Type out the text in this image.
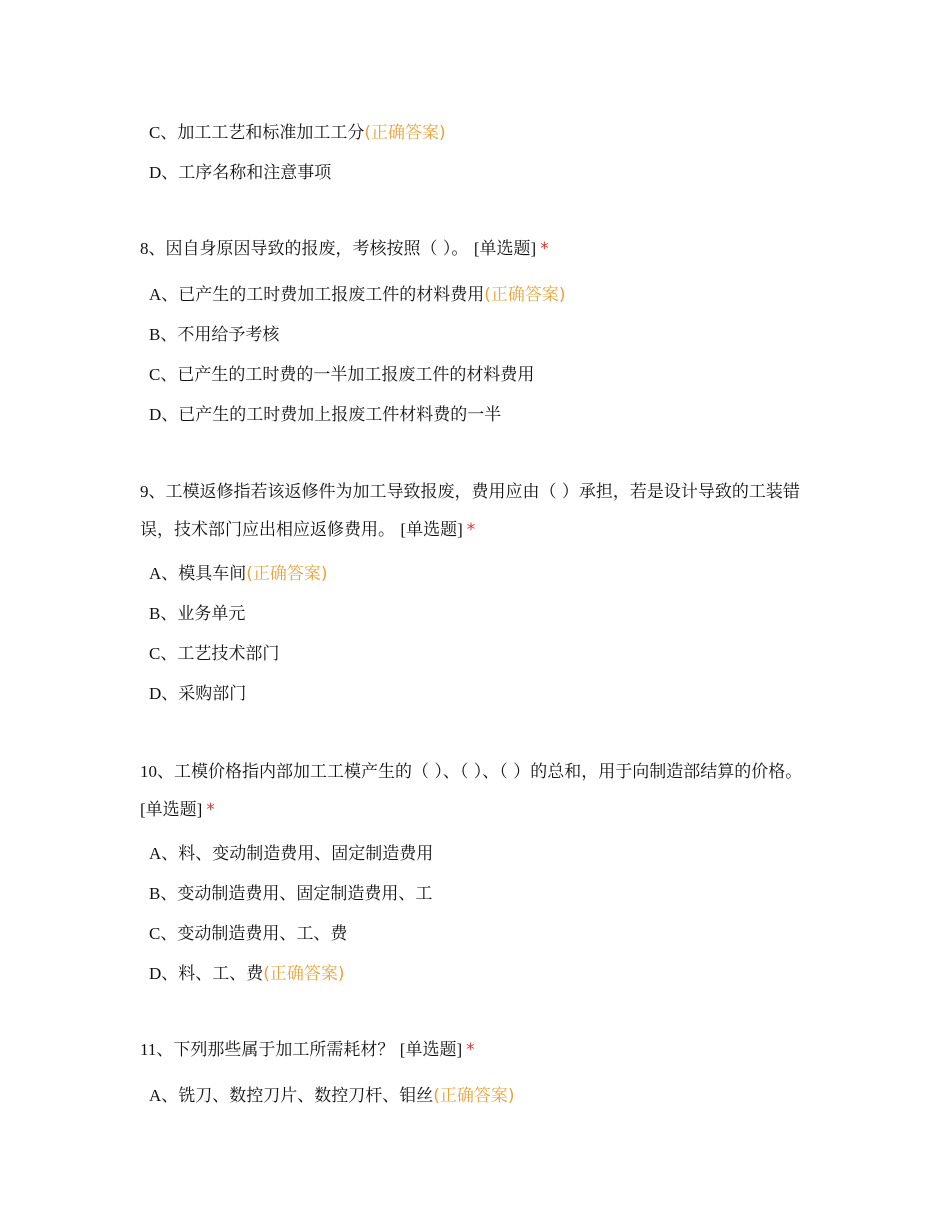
C、加工工艺和标准加工工分(正确答案)
D、工序名称和注意事项
8、因自身原因导致的报废，考核按照（ ）。 [单选题] *
A、已产生的工时费加工报废工件的材料费用(正确答案)
B、不用给予考核
C、已产生的工时费的一半加工报废工件的材料费用
D、已产生的工时费加上报废工件材料费的一半
9、工模返修指若该返修件为加工导致报废，费用应由（ ）承担，若是设计导致的工装错误，技术部门应出相应返修费用。 [单选题] *
A、模具车间(正确答案)
B、业务单元
C、工艺技术部门
D、采购部门
10、工模价格指内部加工工模产生的（ ）、（ ）、（ ）的总和，用于向制造部结算的价格。 [单选题] *
A、料、变动制造费用、固定制造费用
B、变动制造费用、固定制造费用、工
C、变动制造费用、工、费
D、料、工、费(正确答案)
11、下列那些属于加工所需耗材？ [单选题] *
A、铣刀、数控刀片、数控刀杆、钼丝(正确答案)
